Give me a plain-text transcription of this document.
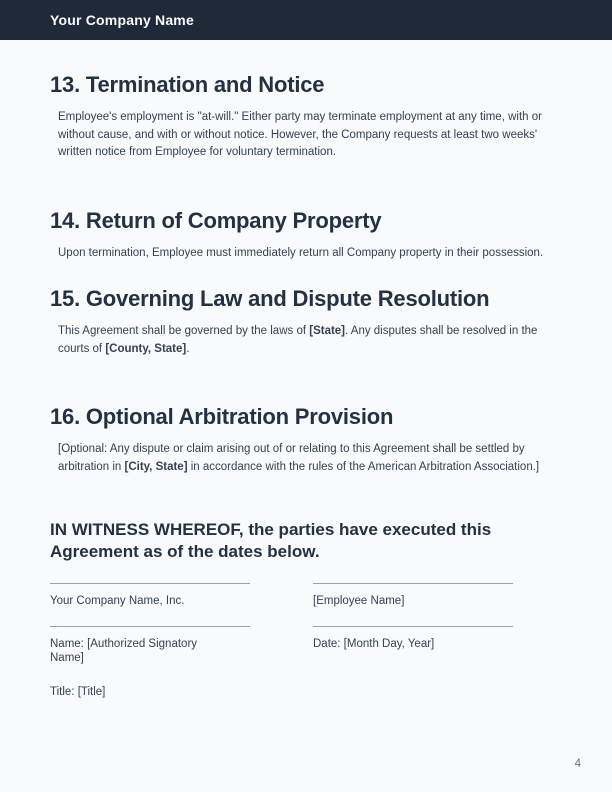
Your Company Name
13. Termination and Notice

Employee's employment is "at-will." Either party may terminate employment at any time, with or without cause, and with or without notice. However, the Company requests at least two weeks' written notice from Employee for voluntary termination.

14. Return of Company Property

Upon termination, Employee must immediately return all Company property in their possession.

15. Governing Law and Dispute Resolution

This Agreement shall be governed by the laws of [State]. Any disputes shall be resolved in the courts of [County, State].

16. Optional Arbitration Provision

[Optional: Any dispute or claim arising out of or relating to this Agreement shall be settled by arbitration in [City, State] in accordance with the rules of the American Arbitration Association.]

IN WITNESS WHEREOF, the parties have executed this Agreement as of the dates below.
Your Company Name, Inc.	[Employee Name]
Name: [Authorized Signatory Name]
Title: [Title]
Date: [Month Day, Year]
4
